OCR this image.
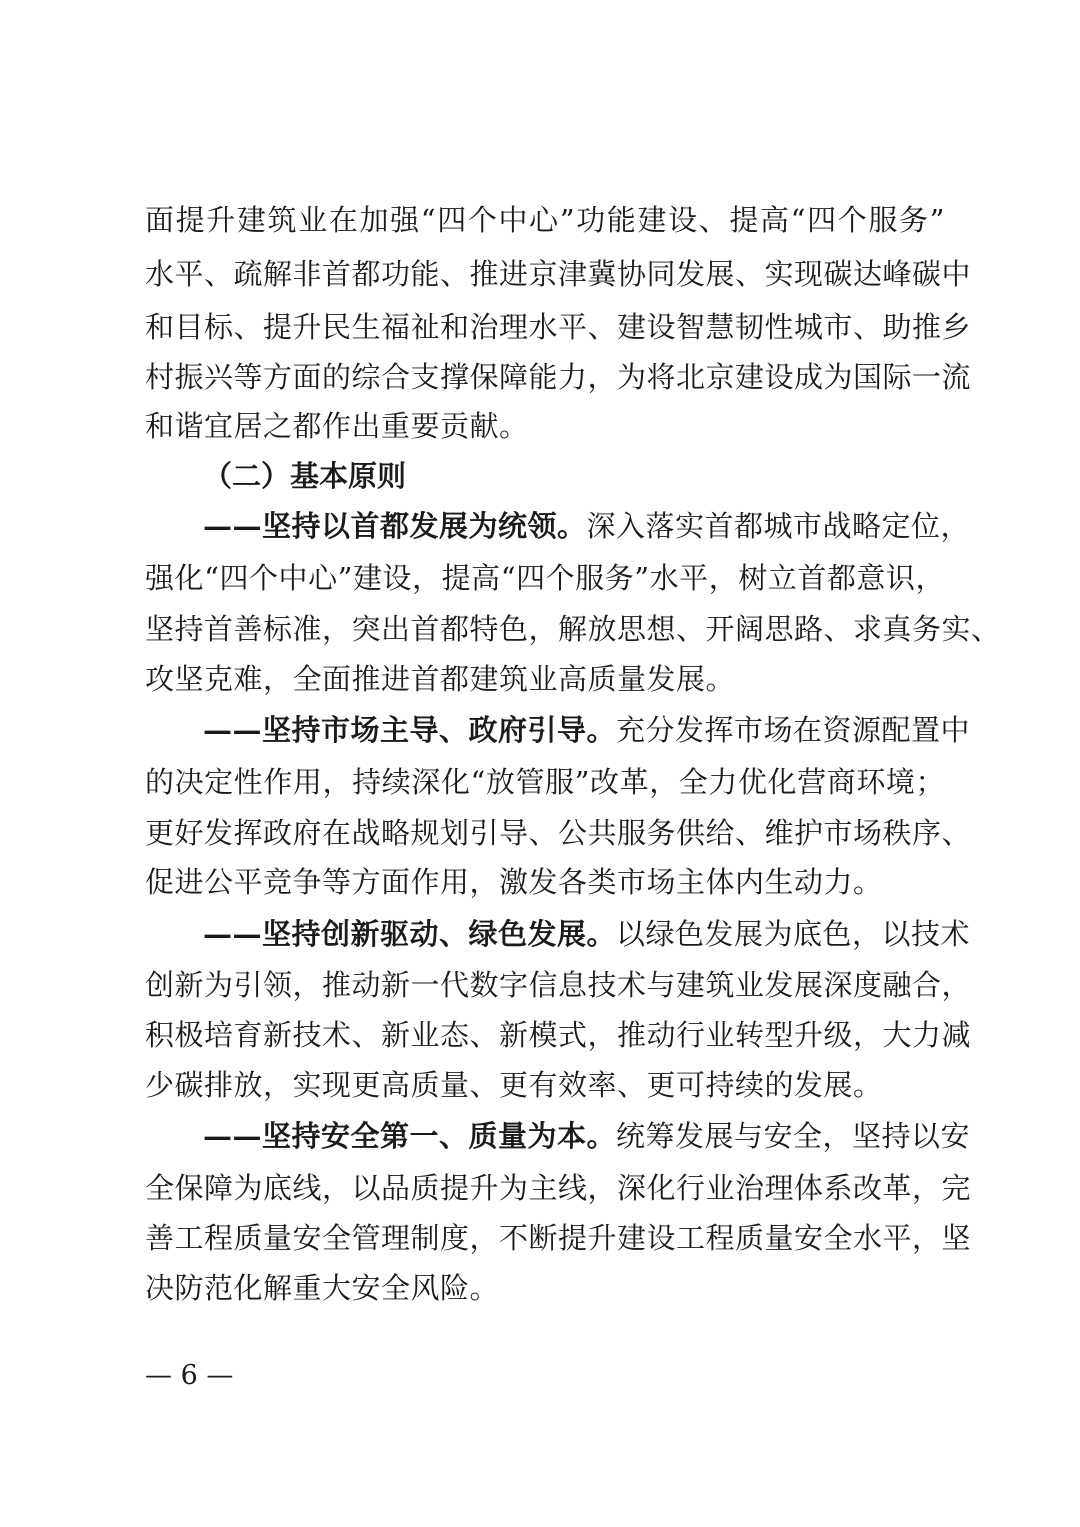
面提升建筑业在加强“四个中心”功能建设、提高“四个服务”
水平、疏解非首都功能、推进京津冀协同发展、实现碳达峰碳中
和目标、提升民生福祉和治理水平、建设智慧韧性城市、助推乡
村振兴等方面的综合支撑保障能力，为将北京建设成为国际一流
和谐宜居之都作出重要贡献。
（二）基本原则
——坚持以首都发展为统领。深入落实首都城市战略定位，
强化“四个中心”建设，提高“四个服务”水平，树立首都意识，
坚持首善标准，突出首都特色，解放思想、开阔思路、求真务实、
攻坚克难，全面推进首都建筑业高质量发展。
——坚持市场主导、政府引导。充分发挥市场在资源配置中
的决定性作用，持续深化“放管服”改革，全力优化营商环境；
更好发挥政府在战略规划引导、公共服务供给、维护市场秩序、
促进公平竞争等方面作用，激发各类市场主体内生动力。
——坚持创新驱动、绿色发展。以绿色发展为底色，以技术
创新为引领，推动新一代数字信息技术与建筑业发展深度融合，
积极培育新技术、新业态、新模式，推动行业转型升级，大力减
少碳排放，实现更高质量、更有效率、更可持续的发展。
——坚持安全第一、质量为本。统筹发展与安全，坚持以安
全保障为底线，以品质提升为主线，深化行业治理体系改革，完
善工程质量安全管理制度，不断提升建设工程质量安全水平，坚
决防范化解重大安全风险。
— 6 —
